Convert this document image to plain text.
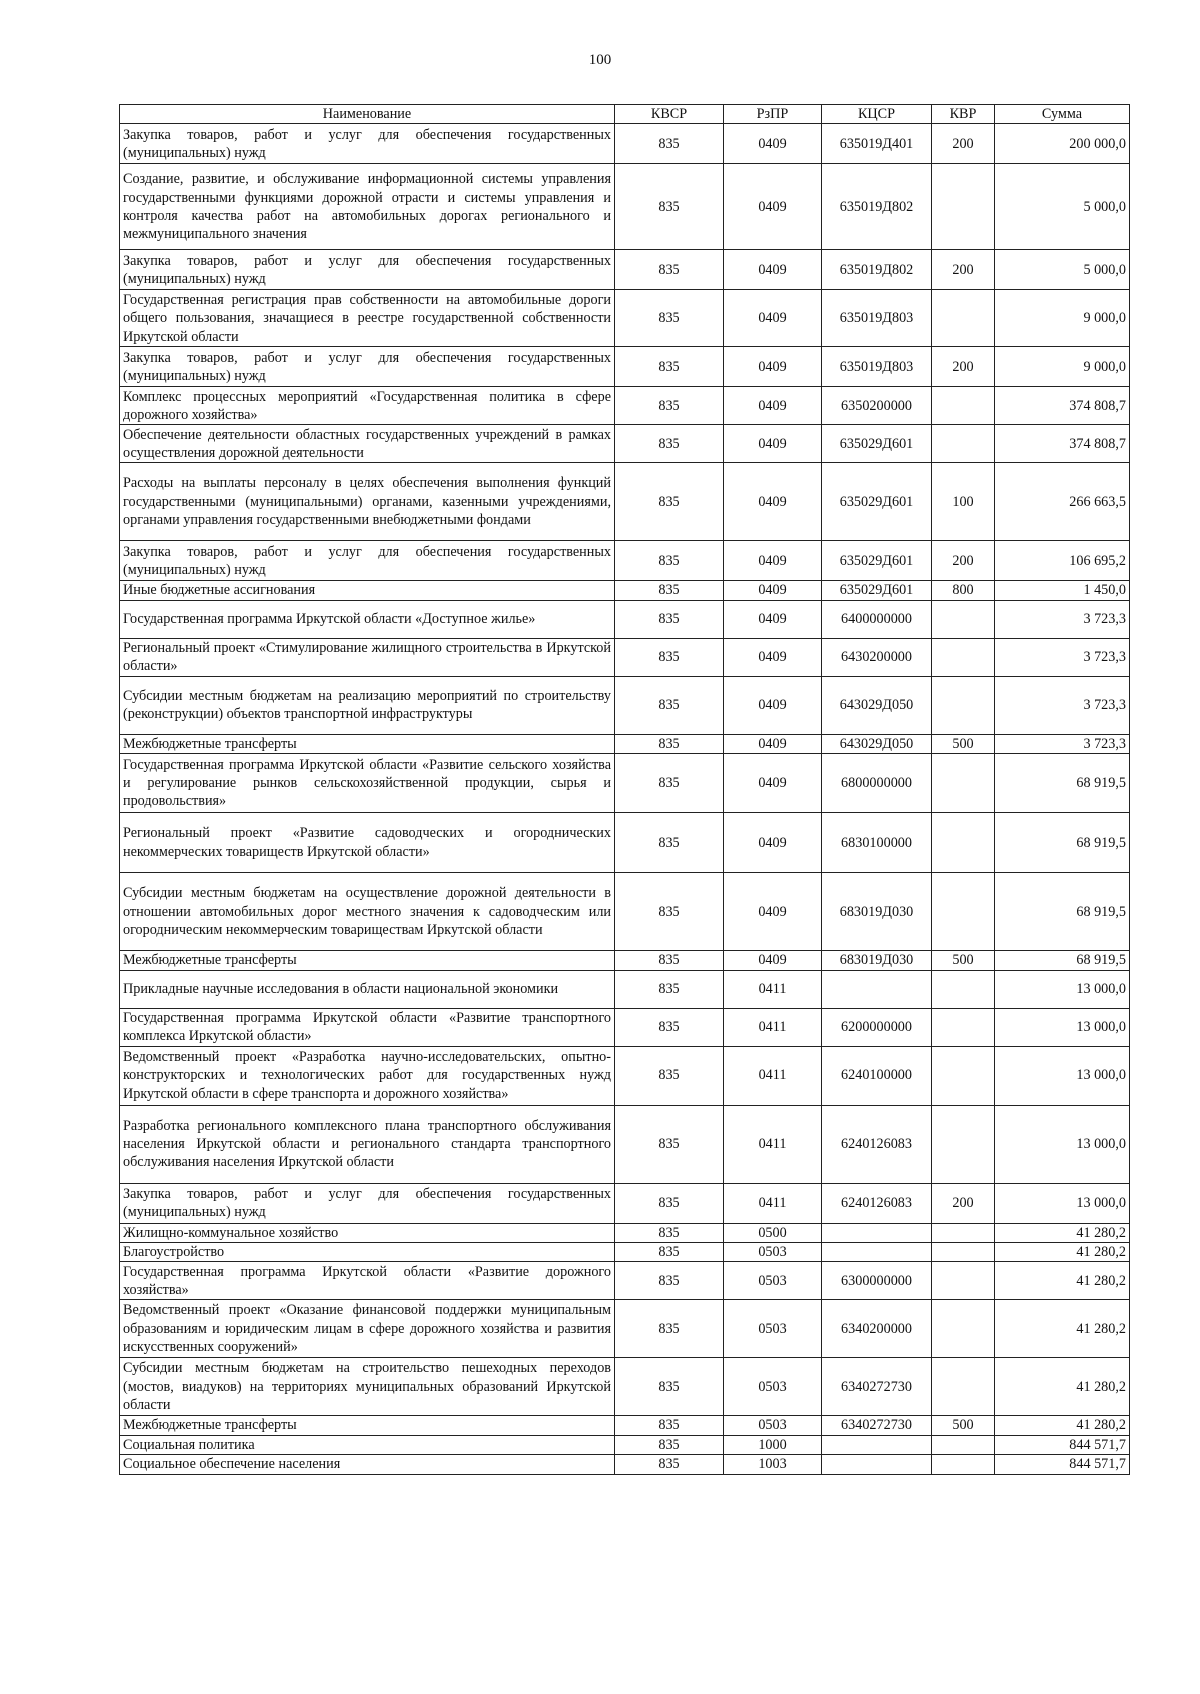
100
Наименование	КВСР	РзПР	КЦСР	КВР	Сумма
Закупка товаров, работ и услуг для обеспечения государственных (муниципальных) нужд	835	0409	635019Д401	200	200 000,0
Создание, развитие, и обслуживание информационной системы управления государственными функциями дорожной отрасти и системы управления и контроля качества работ на автомобильных дорогах регионального и межмуниципального значения	835	0409	635019Д802		5 000,0
Закупка товаров, работ и услуг для обеспечения государственных (муниципальных) нужд	835	0409	635019Д802	200	5 000,0
Государственная регистрация прав собственности на автомобильные дороги общего пользования, значащиеся в реестре государственной собственности Иркутской области	835	0409	635019Д803		9 000,0
Закупка товаров, работ и услуг для обеспечения государственных (муниципальных) нужд	835	0409	635019Д803	200	9 000,0
Комплекс процессных мероприятий «Государственная политика в сфере дорожного хозяйства»	835	0409	6350200000		374 808,7
Обеспечение деятельности областных государственных учреждений в рамках осуществления дорожной деятельности	835	0409	635029Д601		374 808,7
Расходы на выплаты персоналу в целях обеспечения выполнения функций государственными (муниципальными) органами, казенными учреждениями, органами управления государственными внебюджетными фондами	835	0409	635029Д601	100	266 663,5
Закупка товаров, работ и услуг для обеспечения государственных (муниципальных) нужд	835	0409	635029Д601	200	106 695,2
Иные бюджетные ассигнования	835	0409	635029Д601	800	1 450,0
Государственная программа Иркутской области «Доступное жилье»	835	0409	6400000000		3 723,3
Региональный проект «Стимулирование жилищного строительства в Иркутской области»	835	0409	6430200000		3 723,3
Субсидии местным бюджетам на реализацию мероприятий по строительству (реконструкции) объектов транспортной инфраструктуры	835	0409	643029Д050		3 723,3
Межбюджетные трансферты	835	0409	643029Д050	500	3 723,3
Государственная программа Иркутской области «Развитие сельского хозяйства и регулирование рынков сельскохозяйственной продукции, сырья и продовольствия»	835	0409	6800000000		68 919,5
Региональный проект «Развитие садоводческих и огороднических некоммерческих товариществ Иркутской области»	835	0409	6830100000		68 919,5
Субсидии местным бюджетам на осуществление дорожной деятельности в отношении автомобильных дорог местного значения к садоводческим или огородническим некоммерческим товариществам Иркутской области	835	0409	683019Д030		68 919,5
Межбюджетные трансферты	835	0409	683019Д030	500	68 919,5
Прикладные научные исследования в области национальной экономики	835	0411			13 000,0
Государственная программа Иркутской области «Развитие транспортного комплекса Иркутской области»	835	0411	6200000000		13 000,0
Ведомственный проект «Разработка научно-исследовательских, опытно-конструкторских и технологических работ для государственных нужд Иркутской области в сфере транспорта и дорожного хозяйства»	835	0411	6240100000		13 000,0
Разработка регионального комплексного плана транспортного обслуживания населения Иркутской области и регионального стандарта транспортного обслуживания населения Иркутской области	835	0411	6240126083		13 000,0
Закупка товаров, работ и услуг для обеспечения государственных (муниципальных) нужд	835	0411	6240126083	200	13 000,0
Жилищно-коммунальное хозяйство	835	0500			41 280,2
Благоустройство	835	0503			41 280,2
Государственная программа Иркутской области «Развитие дорожного хозяйства»	835	0503	6300000000		41 280,2
Ведомственный проект «Оказание финансовой поддержки муниципальным образованиям и юридическим лицам в сфере дорожного хозяйства и развития искусственных сооружений»	835	0503	6340200000		41 280,2
Субсидии местным бюджетам на строительство пешеходных переходов (мостов, виадуков) на территориях муниципальных образований Иркутской области	835	0503	6340272730		41 280,2
Межбюджетные трансферты	835	0503	6340272730	500	41 280,2
Социальная политика	835	1000			844 571,7
Социальное обеспечение населения	835	1003			844 571,7
